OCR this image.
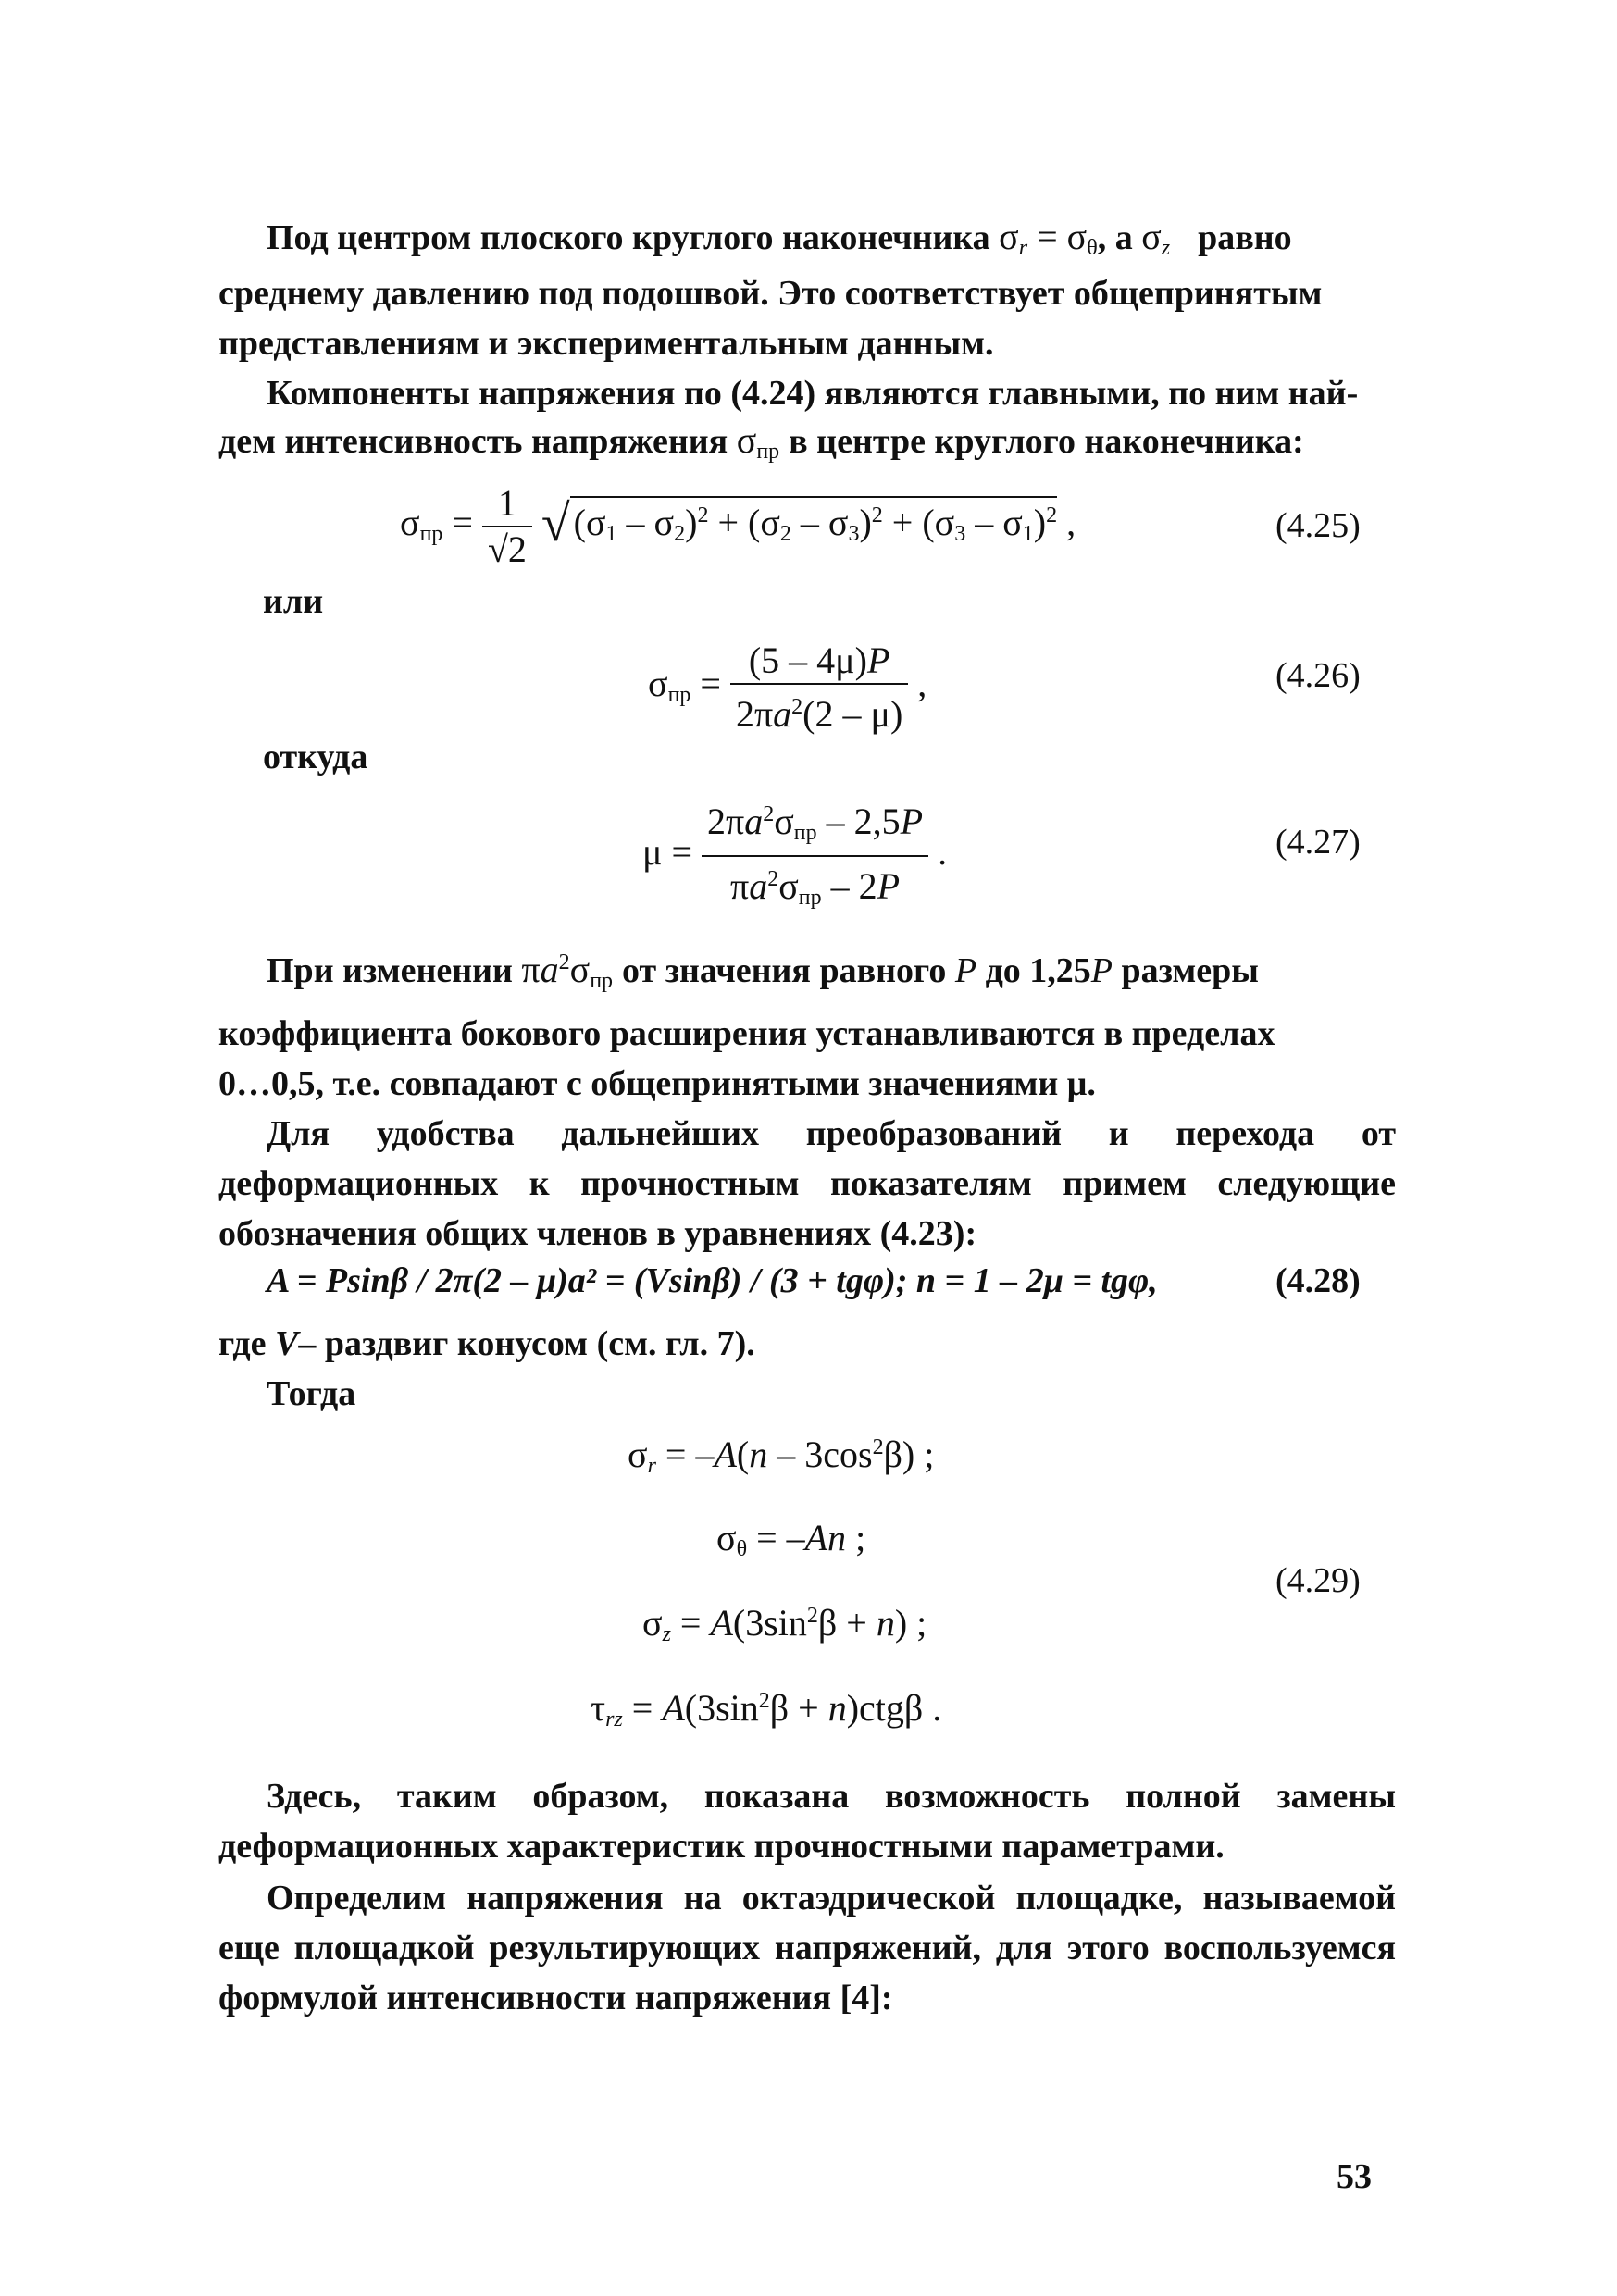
Под центром плоского круглого наконечника $\sigma_r = \sigma_\theta$, а $\sigma_z$ равно

среднему давлению под подошвой. Это соответствует общепринятым

представлениям и экспериментальным данным.

Компоненты напряжения по (4.24) являются главными, по ним най-

дем интенсивность напряжения $\sigma_{пр}$ в центре круглого наконечника:

$\sigma_{пр} = \frac{1}{√2}$ √ $(\sigma_1 - \sigma_2)^2 + (\sigma_2 - \sigma_3)^2 + (\sigma_3 - \sigma_1)^2$ ,	(4.25)

или

$\sigma_{пр} = \frac{(5 - 4\mu)P}{2\pi a^2(2 - \mu)}$ ,	(4.26)

откуда

$\mu = \frac{2\pi a^2\sigma_{пр} - 2,5P}{\pi a^2\sigma_{пр} - 2P}$ .	(4.27)

При изменении $\pi a^2\sigma_{пр}$ от значения равного P до 1,25P размеры

коэффициента бокового расширения устанавливаются в пределах

0…0,5, т.е. совпадают с общепринятыми значениями μ.

Для удобства дальнейших преобразований и перехода от деформационных к прочностным показателям примем следующие обозначения общих членов в уравнениях (4.23):

A = Psinβ / 2π(2 – μ)a² = (Vsinβ) / (3 + tgφ); n = 1 – 2μ = tgφ,	(4.28)

где V– раздвиг конусом (см. гл. 7).

Тогда

$\sigma_r = -A(n - 3\cos^2\beta)$ ;
$\sigma_\theta = -An$ ;
$\sigma_z = A(3\sin^2\beta + n)$ ;
$\tau_{rz} = A(3\sin^2\beta + n)ctg\beta$ .

(4.29)

Здесь, таким образом, показана возможность полной замены деформационных характеристик прочностными параметрами.

Определим напряжения на октаэдрической площадке, называемой еще площадкой результирующих напряжений, для этого воспользуемся формулой интенсивности напряжения [4]:

53
